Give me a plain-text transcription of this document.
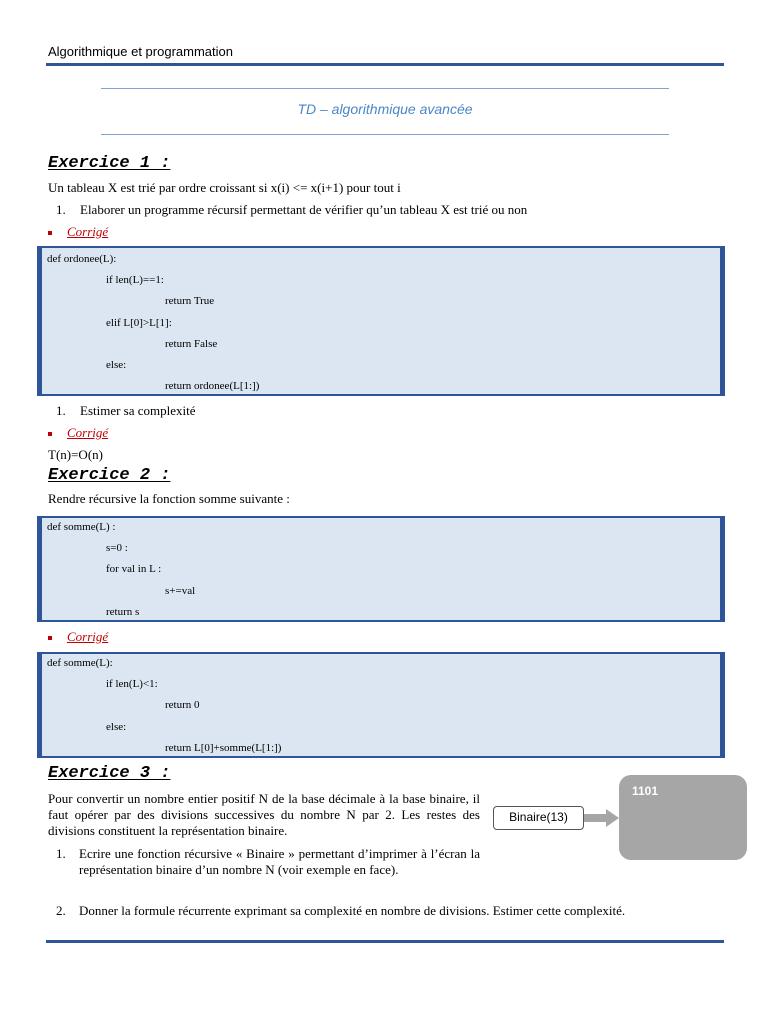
Algorithmique et programmation
TD – algorithmique avancée
Exercice 1 :
Un tableau X est trié par ordre croissant si x(i) <= x(i+1) pour tout i
1. Elaborer un programme récursif permettant de vérifier qu’un tableau X est trié ou non
Corrigé
def ordonee(L):
if len(L)==1:
return True
elif L[0]>L[1]:
return False
else:
return ordonee(L[1:])
1. Estimer sa complexité
Corrigé
T(n)=O(n)
Exercice 2 :
Rendre récursive la fonction somme suivante :
def somme(L) :
s=0 :
for val in L :
s+=val
return s
Corrigé
def somme(L):
if len(L)<1:
return 0
else:
return L[0]+somme(L[1:])
Exercice 3 :
Pour convertir un nombre entier positif N de la base décimale à la base binaire, il faut opérer par des divisions successives du nombre N par 2. Les restes des divisions constituent la représentation binaire.
1. Ecrire une fonction récursive « Binaire » permettant d’imprimer à l’écran la représentation binaire d’un nombre N (voir exemple en face).
2. Donner la formule récurrente exprimant sa complexité en nombre de divisions. Estimer cette complexité.
1101
Binaire(13)
